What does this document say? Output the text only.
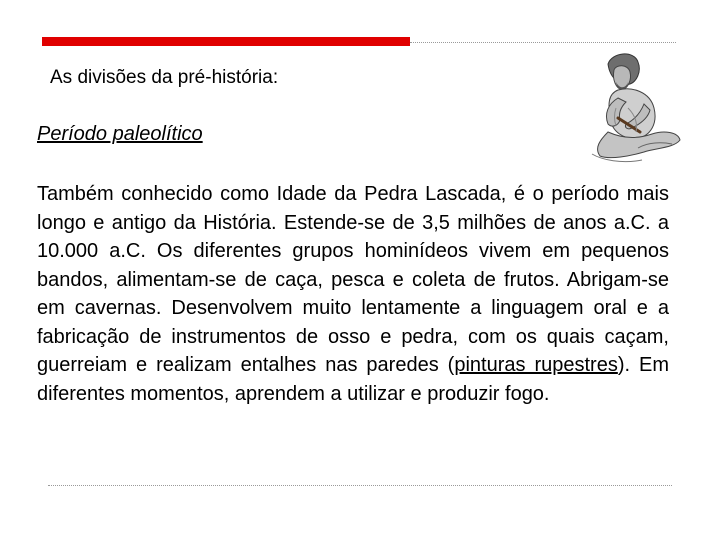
As divisões da pré-história:
Período paleolítico
Também conhecido como Idade da Pedra Lascada, é o período mais longo e antigo da História. Estende-se de 3,5 milhões de anos a.C. a 10.000 a.C. Os diferentes grupos hominídeos vivem em pequenos bandos, alimentam-se de caça, pesca e coleta de frutos. Abrigam-se em cavernas. Desenvolvem muito lentamente a linguagem oral e a fabricação de instrumentos de osso e pedra, com os quais caçam, guerreiam e realizam entalhes nas paredes (pinturas rupestres). Em diferentes momentos, aprendem a utilizar e produzir fogo.
